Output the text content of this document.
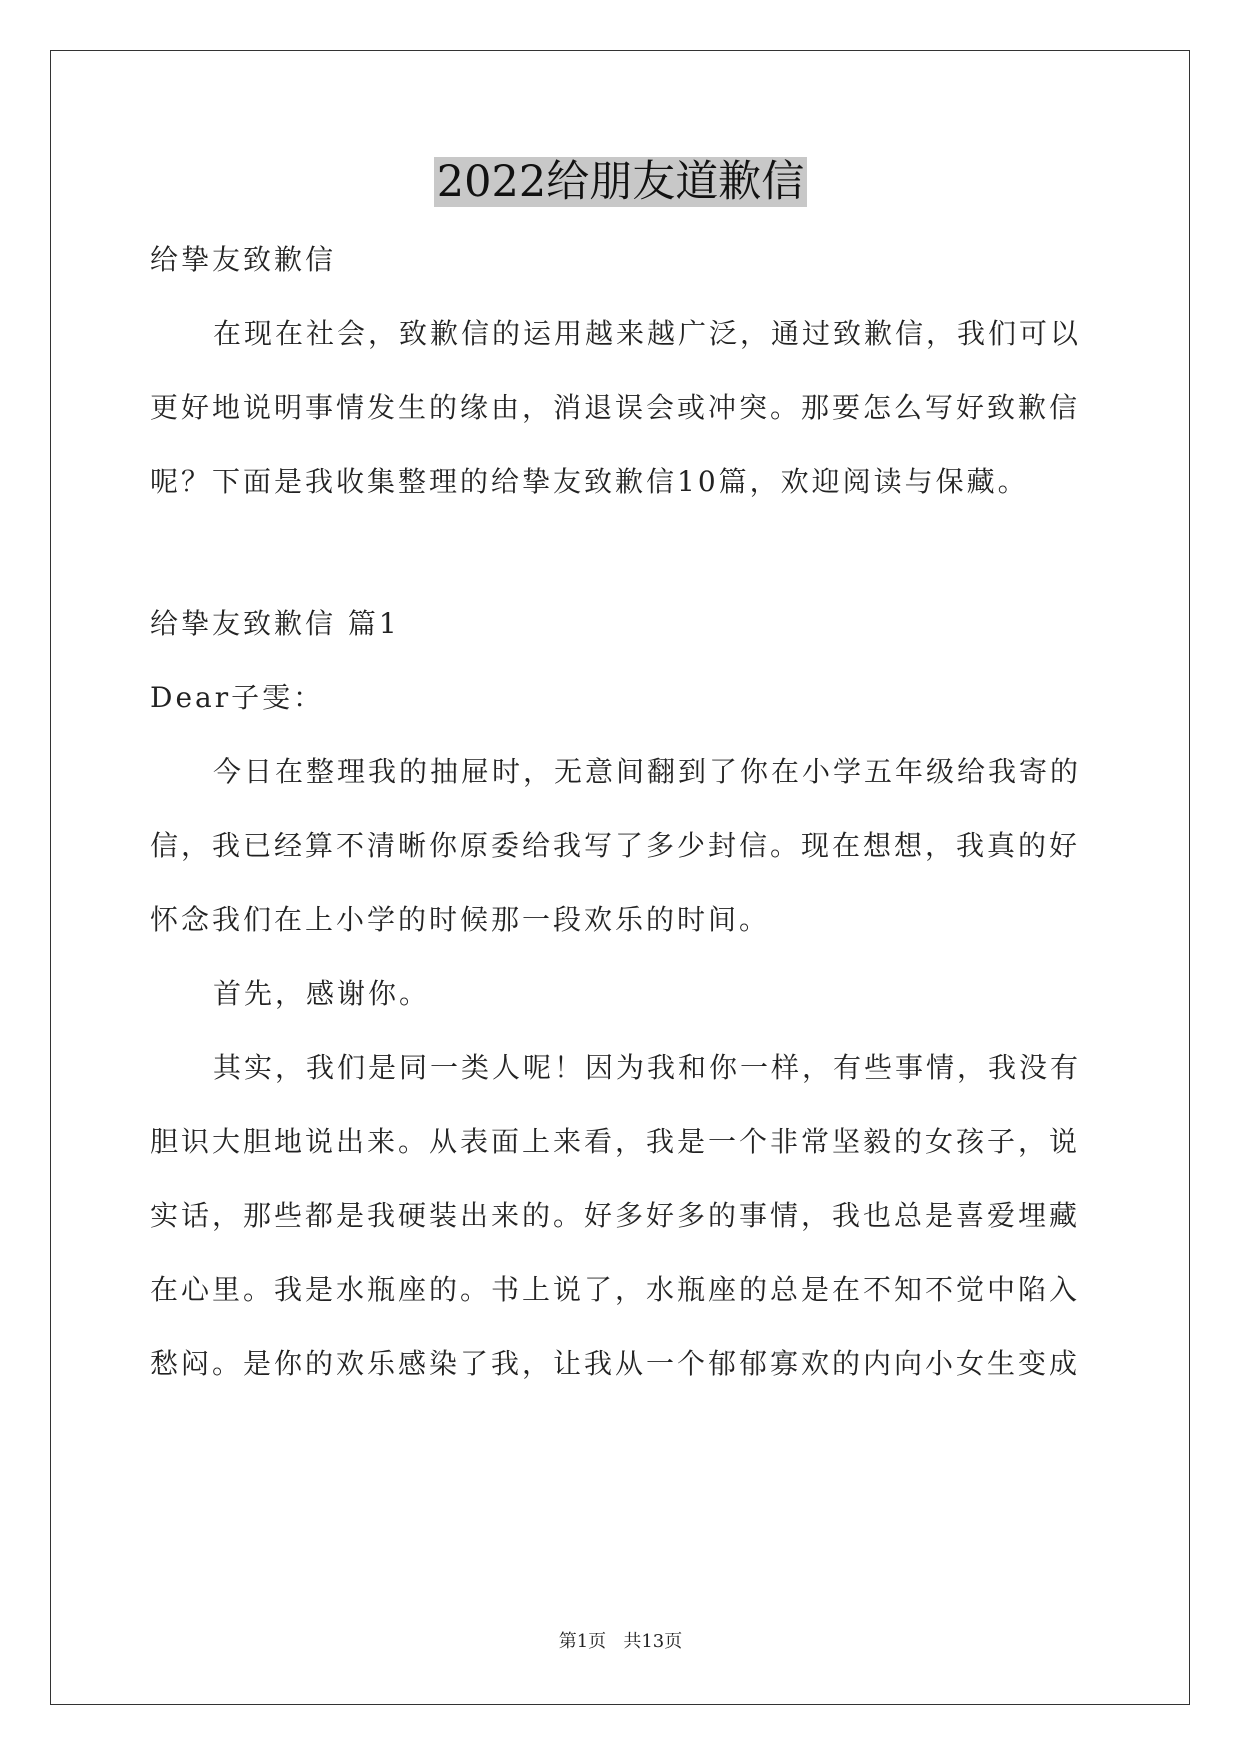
2022给朋友道歉信
给挚友致歉信
在现在社会，致歉信的运用越来越广泛，通过致歉信，我们可以
更好地说明事情发生的缘由，消退误会或冲突。那要怎么写好致歉信
呢？下面是我收集整理的给挚友致歉信10篇，欢迎阅读与保藏。
给挚友致歉信 篇1
Dear子雯：
今日在整理我的抽屉时，无意间翻到了你在小学五年级给我寄的
信，我已经算不清晰你原委给我写了多少封信。现在想想，我真的好
怀念我们在上小学的时候那一段欢乐的时间。
首先，感谢你。
其实，我们是同一类人呢！因为我和你一样，有些事情，我没有
胆识大胆地说出来。从表面上来看，我是一个非常坚毅的女孩子，说
实话，那些都是我硬装出来的。好多好多的事情，我也总是喜爱埋藏
在心里。我是水瓶座的。书上说了，水瓶座的总是在不知不觉中陷入
愁闷。是你的欢乐感染了我，让我从一个郁郁寡欢的内向小女生变成
第1页   共13页
